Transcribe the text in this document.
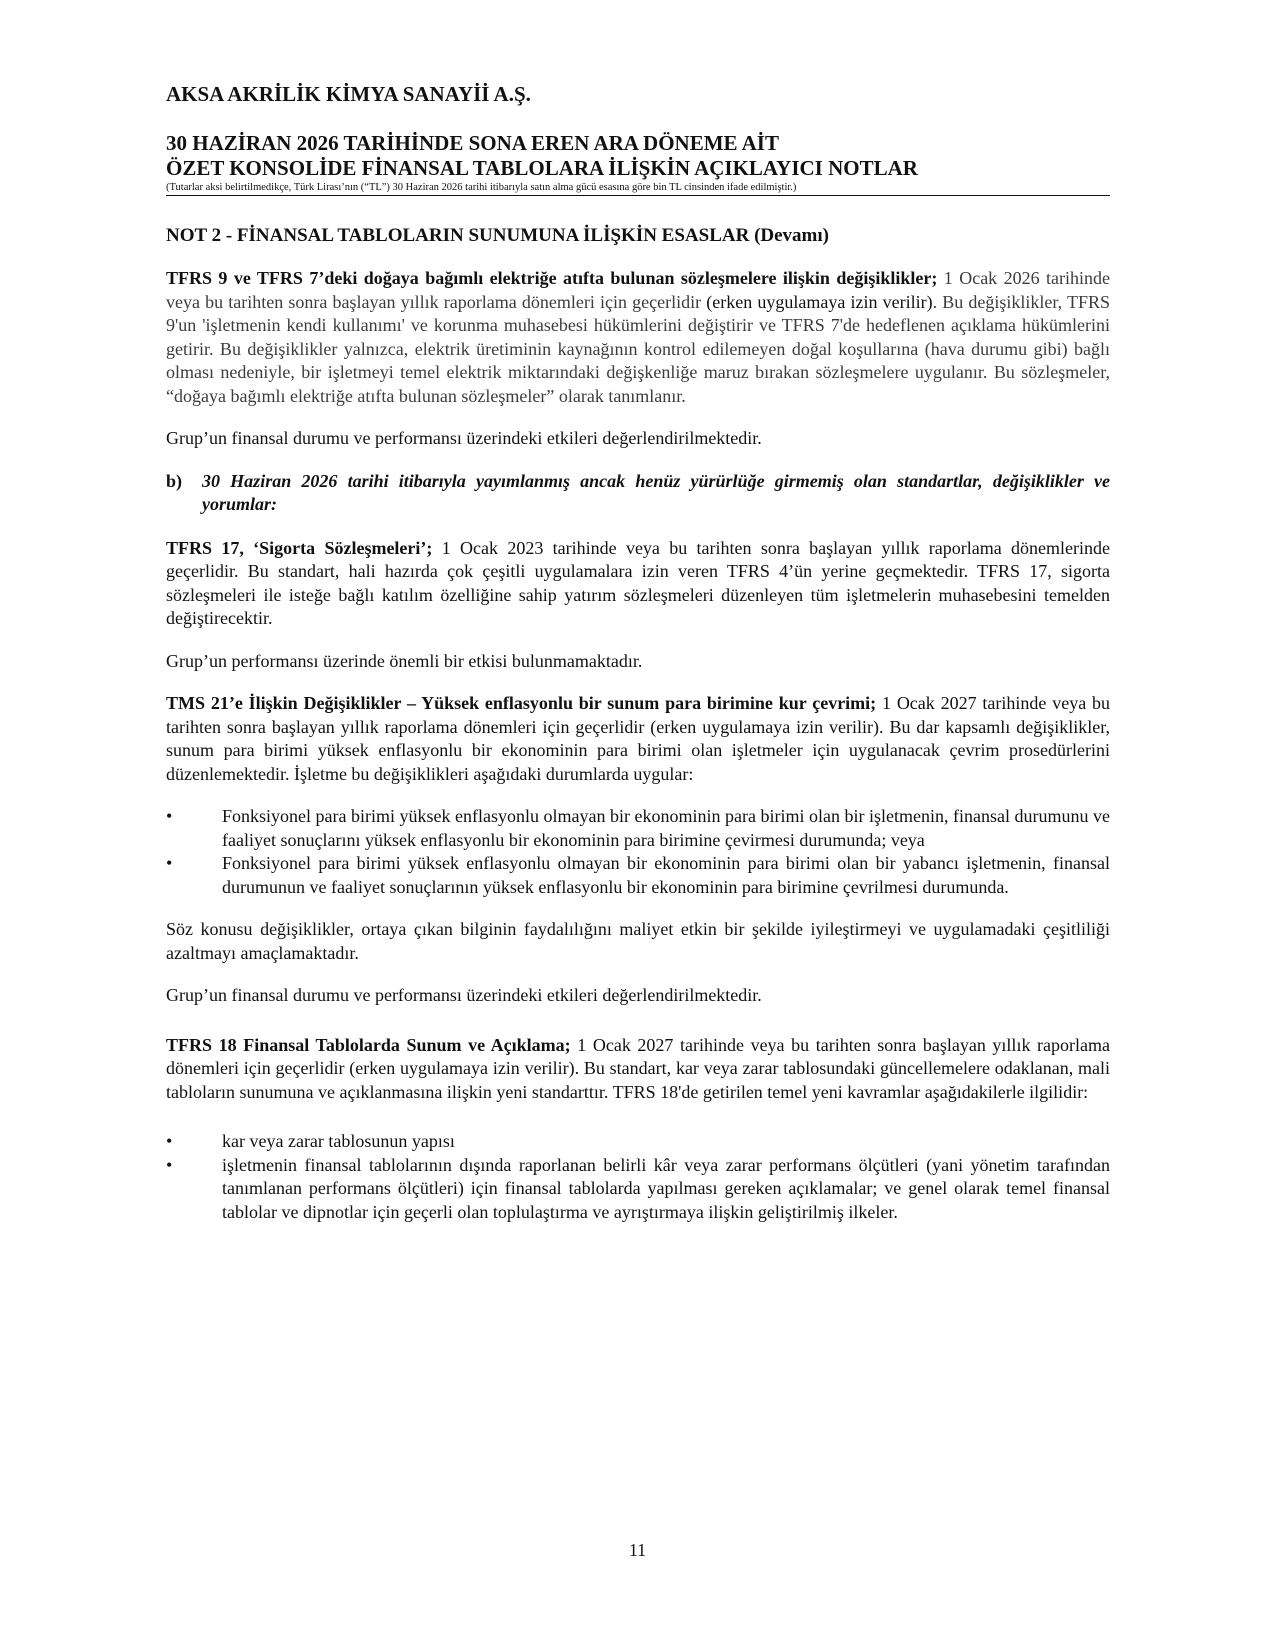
AKSA AKRİLİK KİMYA SANAYİİ A.Ş.
30 HAZİRAN 2026 TARİHİNDE SONA EREN ARA DÖNEME AİT
ÖZET KONSOLİDE FİNANSAL TABLOLARA İLİŞKİN AÇIKLAYICI NOTLAR
(Tutarlar aksi belirtilmedikçe, Türk Lirası’nın (“TL”) 30 Haziran 2026 tarihi itibarıyla satın alma gücü esasına göre bin TL cinsinden ifade edilmiştir.)
NOT 2 - FİNANSAL TABLOLARIN SUNUMUNA İLİŞKİN ESASLAR (Devamı)

TFRS 9 ve TFRS 7’deki doğaya bağımlı elektriğe atıfta bulunan sözleşmelere ilişkin değişiklikler; 1 Ocak 2026 tarihinde veya bu tarihten sonra başlayan yıllık raporlama dönemleri için geçerlidir (erken uygulamaya izin verilir). Bu değişiklikler, TFRS 9'un 'işletmenin kendi kullanımı' ve korunma muhasebesi hükümlerini değiştirir ve TFRS 7'de hedeflenen açıklama hükümlerini getirir. Bu değişiklikler yalnızca, elektrik üretiminin kaynağının kontrol edilemeyen doğal koşullarına (hava durumu gibi) bağlı olması nedeniyle, bir işletmeyi temel elektrik miktarındaki değişkenliğe maruz bırakan sözleşmelere uygulanır. Bu sözleşmeler, “doğaya bağımlı elektriğe atıfta bulunan sözleşmeler” olarak tanımlanır.

Grup’un finansal durumu ve performansı üzerindeki etkileri değerlendirilmektedir.

b)	30 Haziran 2026 tarihi itibarıyla yayımlanmış ancak henüz yürürlüğe girmemiş olan standartlar, değişiklikler ve yorumlar:

TFRS 17, ‘Sigorta Sözleşmeleri’; 1 Ocak 2023 tarihinde veya bu tarihten sonra başlayan yıllık raporlama dönemlerinde geçerlidir. Bu standart, hali hazırda çok çeşitli uygulamalara izin veren TFRS 4’ün yerine geçmektedir. TFRS 17, sigorta sözleşmeleri ile isteğe bağlı katılım özelliğine sahip yatırım sözleşmeleri düzenleyen tüm işletmelerin muhasebesini temelden değiştirecektir.

Grup’un performansı üzerinde önemli bir etkisi bulunmamaktadır.

TMS 21’e İlişkin Değişiklikler – Yüksek enflasyonlu bir sunum para birimine kur çevrimi; 1 Ocak 2027 tarihinde veya bu tarihten sonra başlayan yıllık raporlama dönemleri için geçerlidir (erken uygulamaya izin verilir). Bu dar kapsamlı değişiklikler, sunum para birimi yüksek enflasyonlu bir ekonominin para birimi olan işletmeler için uygulanacak çevrim prosedürlerini düzenlemektedir. İşletme bu değişiklikleri aşağıdaki durumlarda uygular:

•	Fonksiyonel para birimi yüksek enflasyonlu olmayan bir ekonominin para birimi olan bir işletmenin, finansal durumunu ve faaliyet sonuçlarını yüksek enflasyonlu bir ekonominin para birimine çevirmesi durumunda; veya
•	Fonksiyonel para birimi yüksek enflasyonlu olmayan bir ekonominin para birimi olan bir yabancı işletmenin, finansal durumunun ve faaliyet sonuçlarının yüksek enflasyonlu bir ekonominin para birimine çevrilmesi durumunda.

Söz konusu değişiklikler, ortaya çıkan bilginin faydalılığını maliyet etkin bir şekilde iyileştirmeyi ve uygulamadaki çeşitliliği azaltmayı amaçlamaktadır.

Grup’un finansal durumu ve performansı üzerindeki etkileri değerlendirilmektedir.

TFRS 18 Finansal Tablolarda Sunum ve Açıklama; 1 Ocak 2027 tarihinde veya bu tarihten sonra başlayan yıllık raporlama dönemleri için geçerlidir (erken uygulamaya izin verilir). Bu standart, kar veya zarar tablosundaki güncellemelere odaklanan, mali tabloların sunumuna ve açıklanmasına ilişkin yeni standarttır. TFRS 18'de getirilen temel yeni kavramlar aşağıdakilerle ilgilidir:

•	kar veya zarar tablosunun yapısı
•	işletmenin finansal tablolarının dışında raporlanan belirli kâr veya zarar performans ölçütleri (yani yönetim tarafından tanımlanan performans ölçütleri) için finansal tablolarda yapılması gereken açıklamalar; ve genel olarak temel finansal tablolar ve dipnotlar için geçerli olan toplulaştırma ve ayrıştırmaya ilişkin geliştirilmiş ilkeler.
11
